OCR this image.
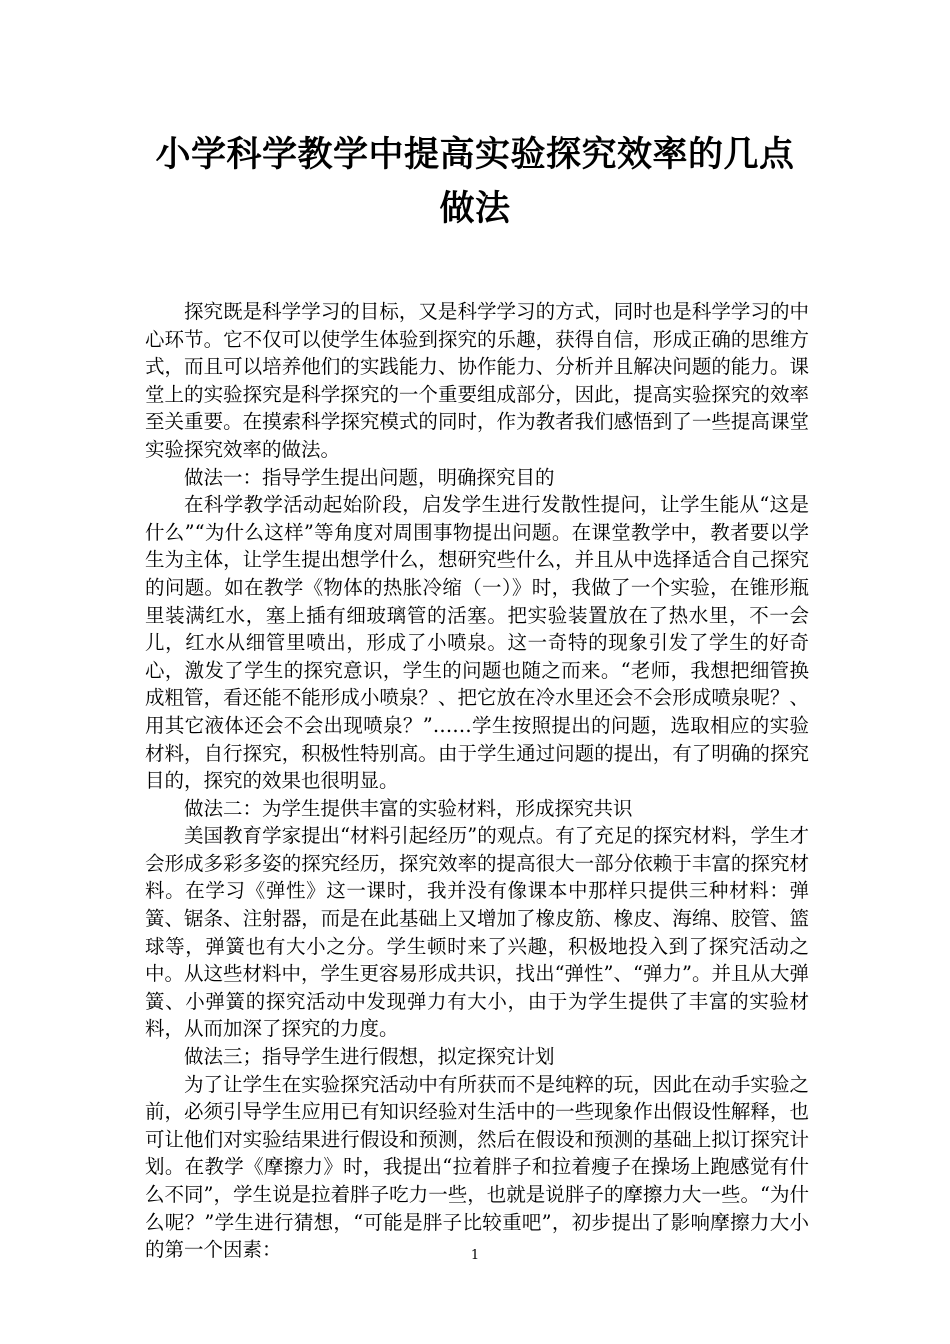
小学科学教学中提高实验探究效率的几点做法

探究既是科学学习的目标，又是科学学习的方式，同时也是科学学习的中心环节。它不仅可以使学生体验到探究的乐趣，获得自信，形成正确的思维方式，而且可以培养他们的实践能力、协作能力、分析并且解决问题的能力。课堂上的实验探究是科学探究的一个重要组成部分，因此，提高实验探究的效率至关重要。在摸索科学探究模式的同时，作为教者我们感悟到了一些提高课堂实验探究效率的做法。

做法一：指导学生提出问题，明确探究目的

在科学教学活动起始阶段，启发学生进行发散性提问，让学生能从“这是什么”“为什么这样”等角度对周围事物提出问题。在课堂教学中，教者要以学生为主体，让学生提出想学什么，想研究些什么，并且从中选择适合自己探究的问题。如在教学《物体的热胀冷缩（一）》时，我做了一个实验，在锥形瓶里装满红水，塞上插有细玻璃管的活塞。把实验装置放在了热水里，不一会儿，红水从细管里喷出，形成了小喷泉。这一奇特的现象引发了学生的好奇心，激发了学生的探究意识，学生的问题也随之而来。“老师，我想把细管换成粗管，看还能不能形成小喷泉？、把它放在冷水里还会不会形成喷泉呢？、用其它液体还会不会出现喷泉？”……学生按照提出的问题，选取相应的实验材料，自行探究，积极性特别高。由于学生通过问题的提出，有了明确的探究目的，探究的效果也很明显。

做法二：为学生提供丰富的实验材料，形成探究共识

美国教育学家提出“材料引起经历”的观点。有了充足的探究材料，学生才会形成多彩多姿的探究经历，探究效率的提高很大一部分依赖于丰富的探究材料。在学习《弹性》这一课时，我并没有像课本中那样只提供三种材料：弹簧、锯条、注射器，而是在此基础上又增加了橡皮筋、橡皮、海绵、胶管、篮球等，弹簧也有大小之分。学生顿时来了兴趣，积极地投入到了探究活动之中。从这些材料中，学生更容易形成共识，找出“弹性”、“弹力”。并且从大弹簧、小弹簧的探究活动中发现弹力有大小，由于为学生提供了丰富的实验材料，从而加深了探究的力度。

做法三；指导学生进行假想，拟定探究计划

为了让学生在实验探究活动中有所获而不是纯粹的玩，因此在动手实验之前，必须引导学生应用已有知识经验对生活中的一些现象作出假设性解释，也可让他们对实验结果进行假设和预测，然后在假设和预测的基础上拟订探究计划。在教学《摩擦力》时，我提出“拉着胖子和拉着瘦子在操场上跑感觉有什么不同”，学生说是拉着胖子吃力一些，也就是说胖子的摩擦力大一些。“为什么呢？”学生进行猜想，“可能是胖子比较重吧”，初步提出了影响摩擦力大小的第一个因素：	1
